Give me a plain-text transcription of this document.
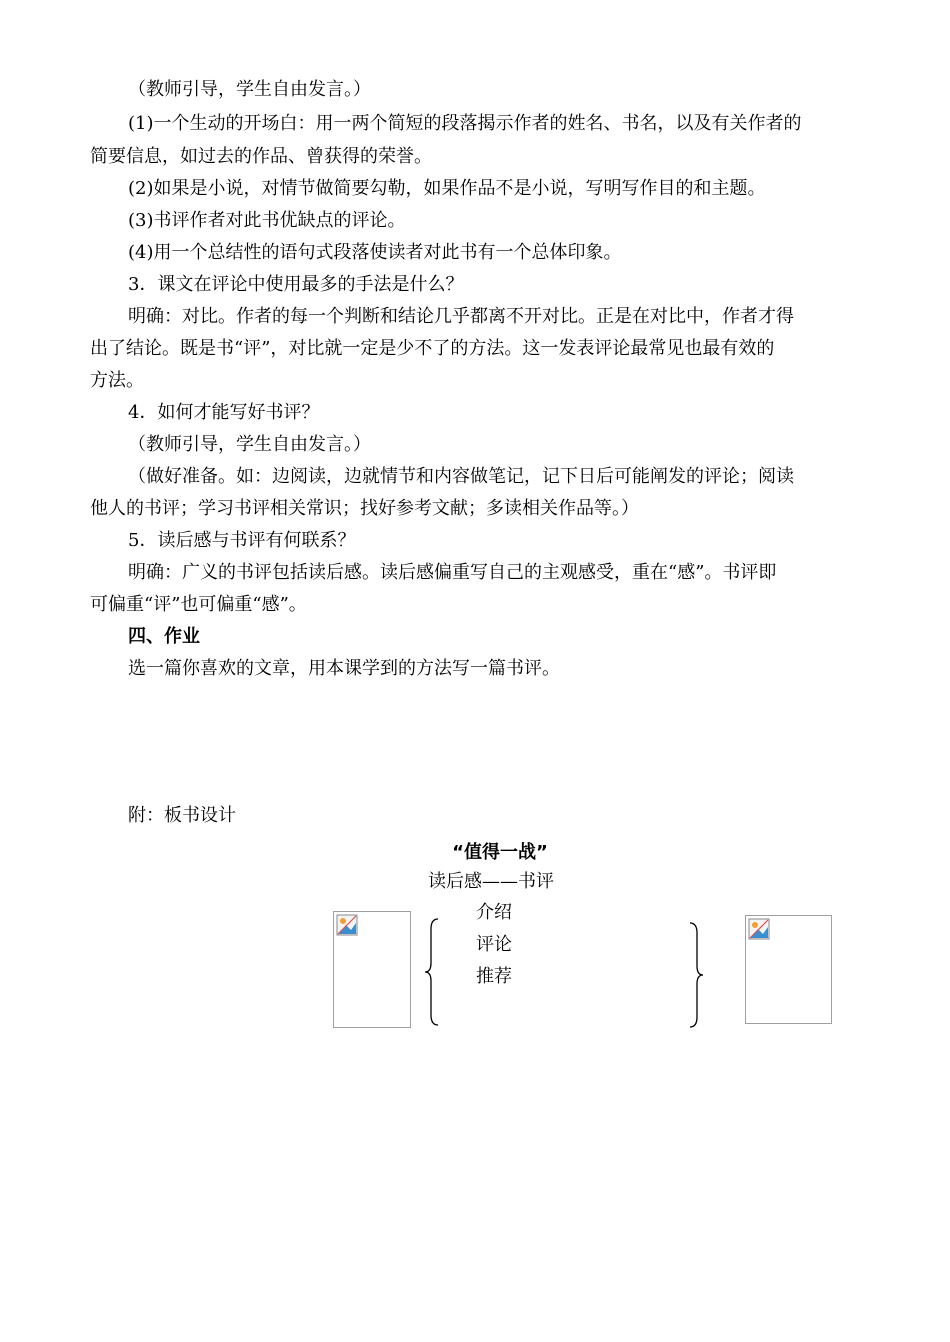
（教师引导，学生自由发言。）
(1)一个生动的开场白：用一两个简短的段落揭示作者的姓名、书名，以及有关作者的
简要信息，如过去的作品、曾获得的荣誉。
(2)如果是小说，对情节做简要勾勒，如果作品不是小说，写明写作目的和主题。
(3)书评作者对此书优缺点的评论。
(4)用一个总结性的语句式段落使读者对此书有一个总体印象。
3．课文在评论中使用最多的手法是什么？
明确：对比。作者的每一个判断和结论几乎都离不开对比。正是在对比中，作者才得
出了结论。既是书“评”，对比就一定是少不了的方法。这一发表评论最常见也最有效的
方法。
4．如何才能写好书评？
（教师引导，学生自由发言。）
（做好准备。如：边阅读，边就情节和内容做笔记，记下日后可能阐发的评论；阅读
他人的书评；学习书评相关常识；找好参考文献；多读相关作品等。）
5．读后感与书评有何联系？
明确：广义的书评包括读后感。读后感偏重写自己的主观感受，重在“感”。书评即
可偏重“评”也可偏重“感”。
四、作业
选一篇你喜欢的文章，用本课学到的方法写一篇书评。
附：板书设计
“值得一战”
读后感——书评
介绍
评论
推荐
